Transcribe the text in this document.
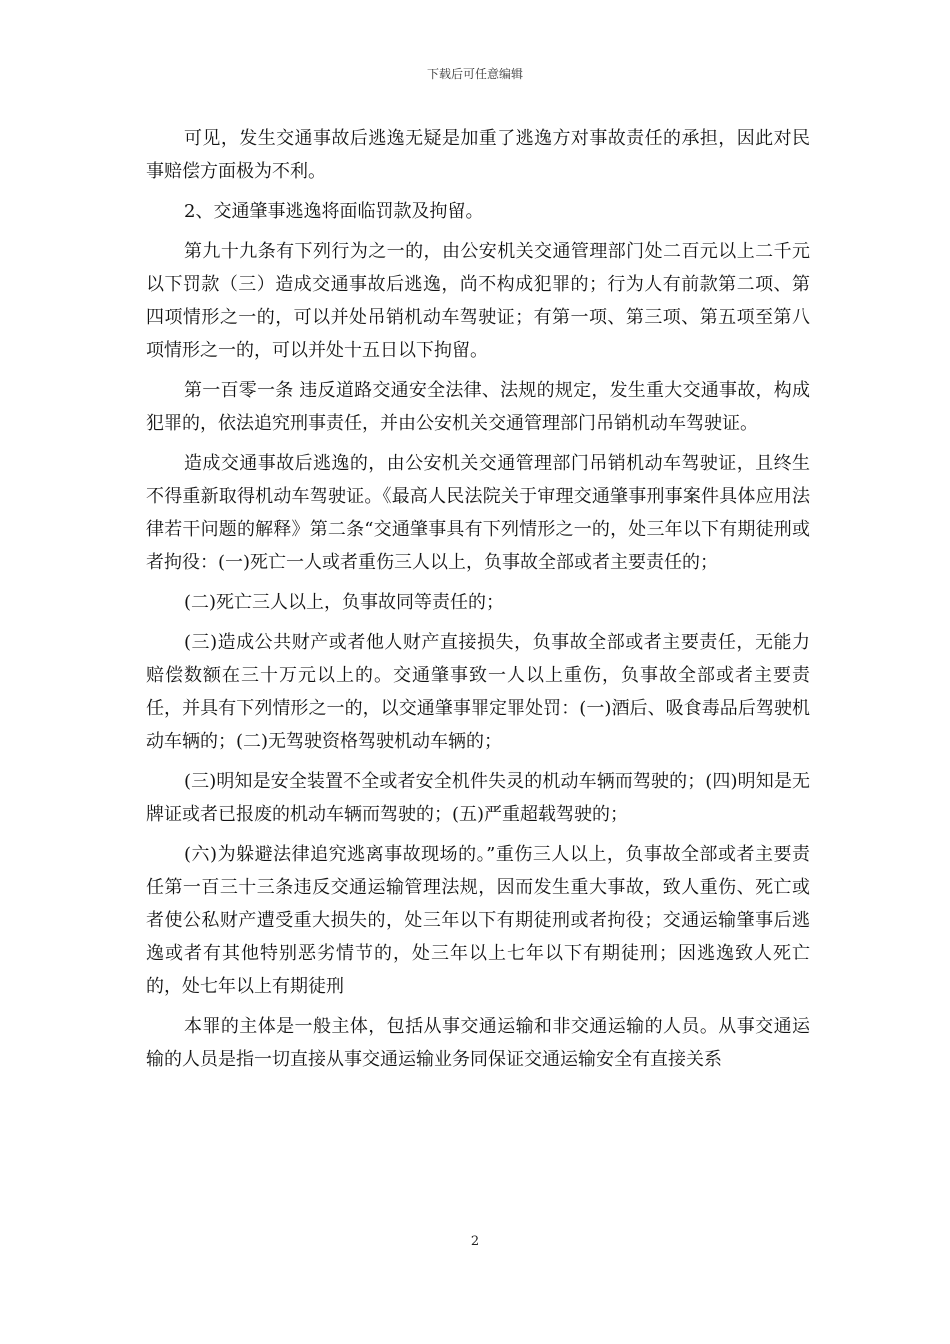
下载后可任意编辑

可见，发生交通事故后逃逸无疑是加重了逃逸方对事故责任的承担，因此对民事赔偿方面极为不利。

2、交通肇事逃逸将面临罚款及拘留。

第九十九条有下列行为之一的，由公安机关交通管理部门处二百元以上二千元以下罚款（三）造成交通事故后逃逸，尚不构成犯罪的；行为人有前款第二项、第四项情形之一的，可以并处吊销机动车驾驶证；有第一项、第三项、第五项至第八项情形之一的，可以并处十五日以下拘留。

第一百零一条 违反道路交通安全法律、法规的规定，发生重大交通事故，构成犯罪的，依法追究刑事责任，并由公安机关交通管理部门吊销机动车驾驶证。

造成交通事故后逃逸的，由公安机关交通管理部门吊销机动车驾驶证，且终生不得重新取得机动车驾驶证。《最高人民法院关于审理交通肇事刑事案件具体应用法律若干问题的解释》第二条“交通肇事具有下列情形之一的，处三年以下有期徒刑或者拘役：(一)死亡一人或者重伤三人以上，负事故全部或者主要责任的；

(二)死亡三人以上，负事故同等责任的；

(三)造成公共财产或者他人财产直接损失，负事故全部或者主要责任，无能力赔偿数额在三十万元以上的。交通肇事致一人以上重伤，负事故全部或者主要责任，并具有下列情形之一的，以交通肇事罪定罪处罚：(一)酒后、吸食毒品后驾驶机动车辆的；(二)无驾驶资格驾驶机动车辆的；

(三)明知是安全装置不全或者安全机件失灵的机动车辆而驾驶的；(四)明知是无牌证或者已报废的机动车辆而驾驶的；(五)严重超载驾驶的；

(六)为躲避法律追究逃离事故现场的。”重伤三人以上，负事故全部或者主要责任第一百三十三条违反交通运输管理法规，因而发生重大事故，致人重伤、死亡或者使公私财产遭受重大损失的，处三年以下有期徒刑或者拘役；交通运输肇事后逃逸或者有其他特别恶劣情节的，处三年以上七年以下有期徒刑；因逃逸致人死亡的，处七年以上有期徒刑

本罪的主体是一般主体，包括从事交通运输和非交通运输的人员。从事交通运输的人员是指一切直接从事交通运输业务同保证交通运输安全有直接关系

2
